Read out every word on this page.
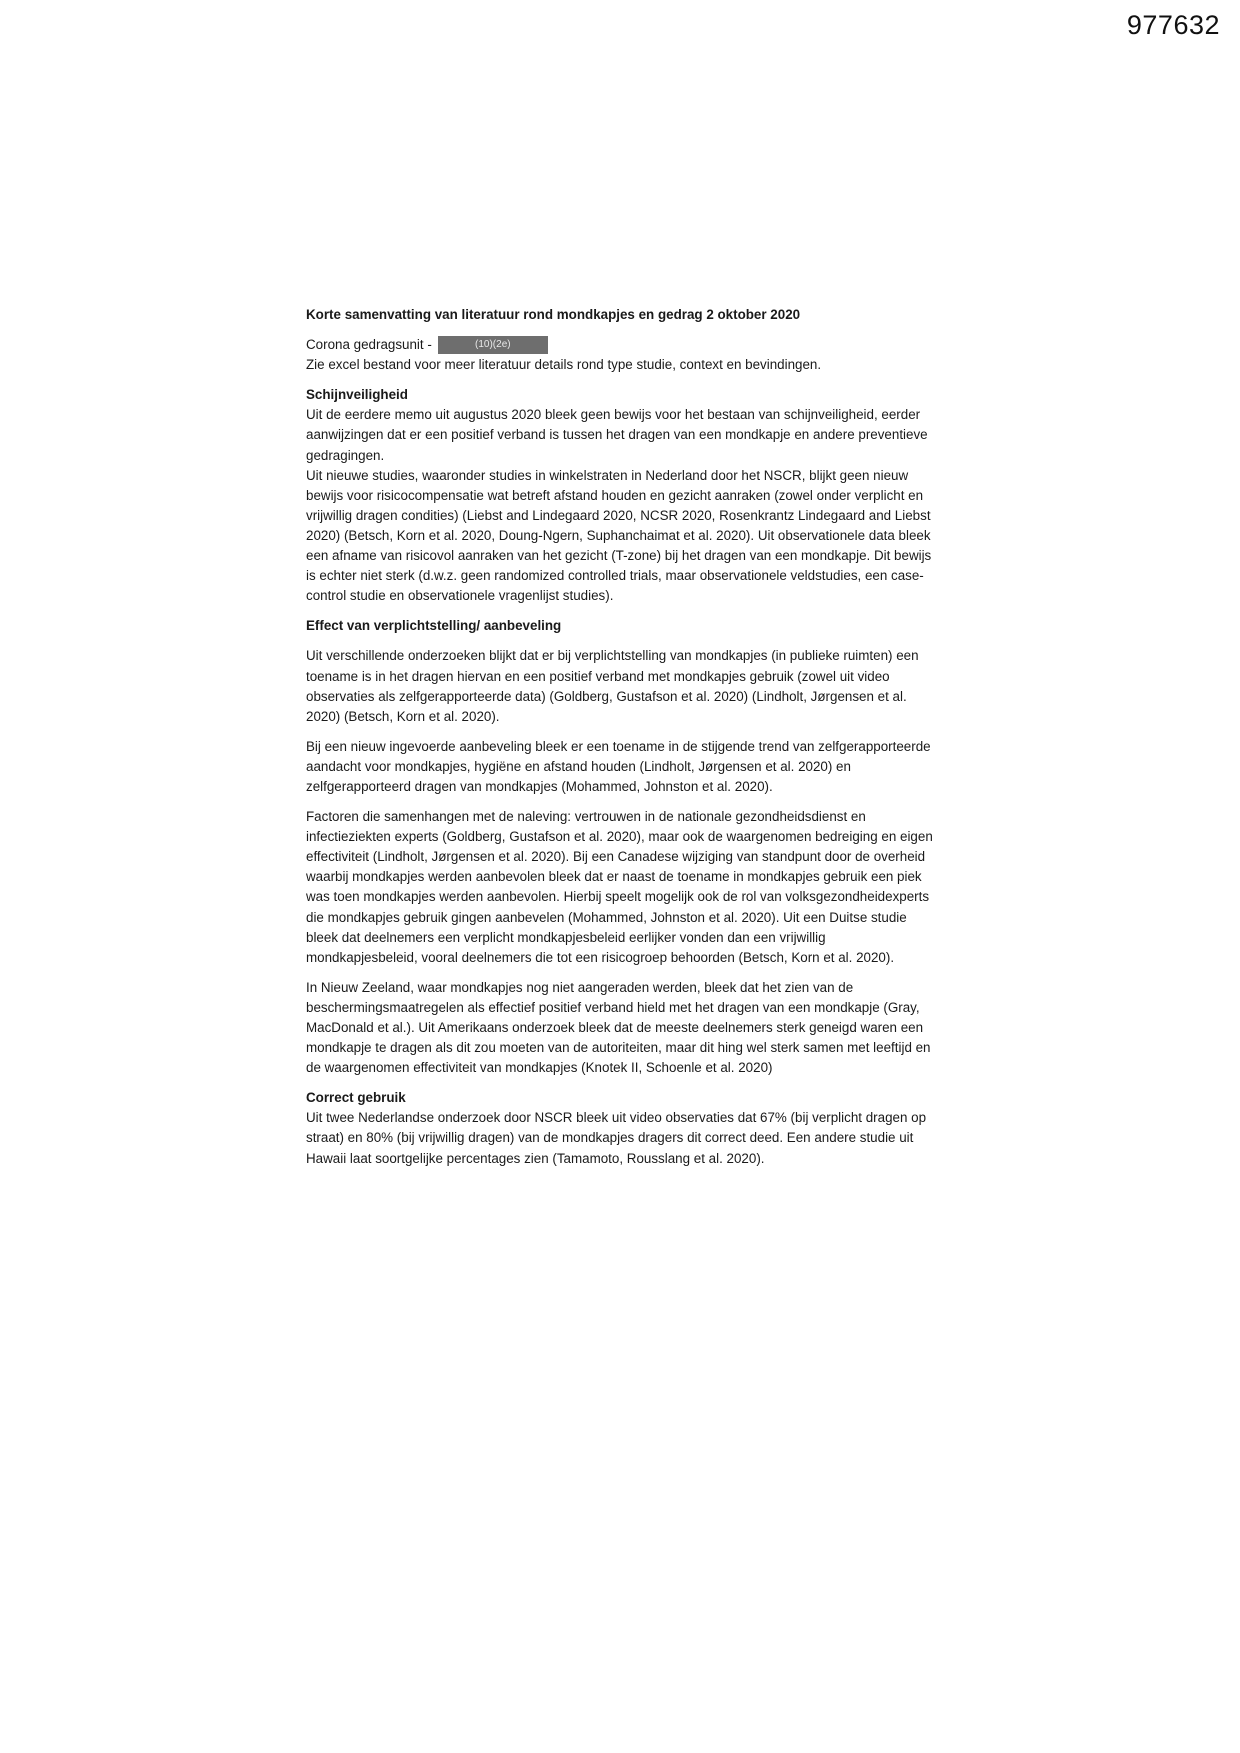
977632

Korte samenvatting van literatuur rond mondkapjes en gedrag 2 oktober 2020

Corona gedragsunit -	(10)(2e)

Zie excel bestand voor meer literatuur details rond type studie, context en bevindingen.

Schijnveiligheid

Uit de eerdere memo uit augustus 2020 bleek geen bewijs voor het bestaan van schijnveiligheid, eerder aanwijzingen dat er een positief verband is tussen het dragen van een mondkapje en andere preventieve gedragingen.

Uit nieuwe studies, waaronder studies in winkelstraten in Nederland door het NSCR, blijkt geen nieuw bewijs voor risicocompensatie wat betreft afstand houden en gezicht aanraken (zowel onder verplicht en vrijwillig dragen condities) (Liebst and Lindegaard 2020, NCSR 2020, Rosenkrantz Lindegaard and Liebst 2020) (Betsch, Korn et al. 2020, Doung-Ngern, Suphanchaimat et al. 2020). Uit observationele data bleek een afname van risicovol aanraken van het gezicht (T-zone) bij het dragen van een mondkapje. Dit bewijs is echter niet sterk (d.w.z. geen randomized controlled trials, maar observationele veldstudies, een case-control studie en observationele vragenlijst studies).

Effect van verplichtstelling/ aanbeveling

Uit verschillende onderzoeken blijkt dat er bij verplichtstelling van mondkapjes (in publieke ruimten) een toename is in het dragen hiervan en een positief verband met mondkapjes gebruik (zowel uit video observaties als zelfgerapporteerde data) (Goldberg, Gustafson et al. 2020) (Lindholt, Jørgensen et al. 2020) (Betsch, Korn et al. 2020).

Bij een nieuw ingevoerde aanbeveling bleek er een toename in de stijgende trend van zelfgerapporteerde aandacht voor mondkapjes, hygiëne en afstand houden (Lindholt, Jørgensen et al. 2020) en zelfgerapporteerd dragen van mondkapjes (Mohammed, Johnston et al. 2020).

Factoren die samenhangen met de naleving: vertrouwen in de nationale gezondheidsdienst en infectieziekten experts (Goldberg, Gustafson et al. 2020), maar ook de waargenomen bedreiging en eigen effectiviteit (Lindholt, Jørgensen et al. 2020). Bij een Canadese wijziging van standpunt door de overheid waarbij mondkapjes werden aanbevolen bleek dat er naast de toename in mondkapjes gebruik een piek was toen mondkapjes werden aanbevolen. Hierbij speelt mogelijk ook de rol van volksgezondheidexperts die mondkapjes gebruik gingen aanbevelen (Mohammed, Johnston et al. 2020). Uit een Duitse studie bleek dat deelnemers een verplicht mondkapjesbeleid eerlijker vonden dan een vrijwillig mondkapjesbeleid, vooral deelnemers die tot een risicogroep behoorden (Betsch, Korn et al. 2020).

In Nieuw Zeeland, waar mondkapjes nog niet aangeraden werden, bleek dat het zien van de beschermingsmaatregelen als effectief positief verband hield met het dragen van een mondkapje (Gray, MacDonald et al.). Uit Amerikaans onderzoek bleek dat de meeste deelnemers sterk geneigd waren een mondkapje te dragen als dit zou moeten van de autoriteiten, maar dit hing wel sterk samen met leeftijd en de waargenomen effectiviteit van mondkapjes (Knotek II, Schoenle et al. 2020)

Correct gebruik

Uit twee Nederlandse onderzoek door NSCR bleek uit video observaties dat 67% (bij verplicht dragen op straat) en 80% (bij vrijwillig dragen) van de mondkapjes dragers dit correct deed. Een andere studie uit Hawaii laat soortgelijke percentages zien (Tamamoto, Rousslang et al. 2020).
